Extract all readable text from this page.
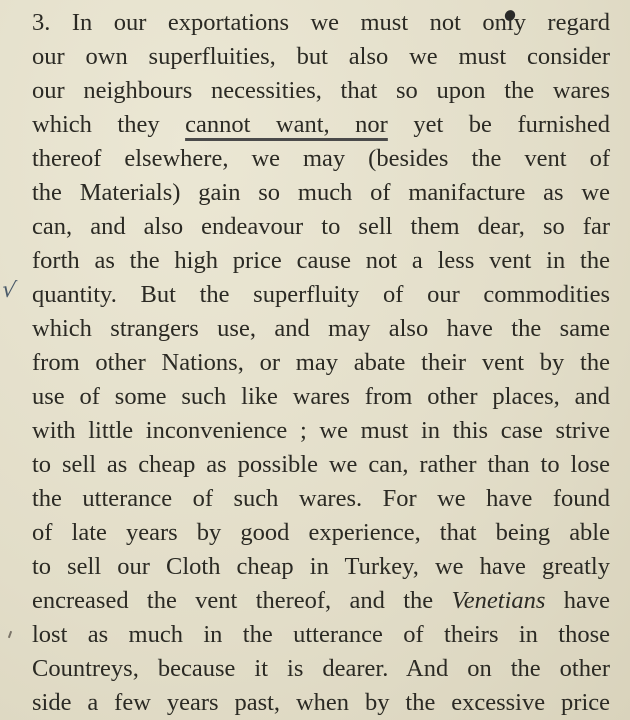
√
3. In our exportations we must not only regard
our own superfluities, but also we must consider
our neighbours necessities, that so upon the wares
which they cannot want, nor yet be furnished
thereof elsewhere, we may (besides the vent of
the Materials) gain so much of manifacture as we
can, and also endeavour to sell them dear, so far
forth as the high price cause not a less vent in the
quantity. But the superfluity of our commodities
which strangers use, and may also have the same
from other Nations, or may abate their vent by the
use of some such like wares from other places, and
with little inconvenience ; we must in this case strive
to sell as cheap as possible we can, rather than to lose
the utterance of such wares. For we have found
of late years by good experience, that being able
to sell our Cloth cheap in Turkey, we have greatly
encreased the vent thereof, and the Venetians have
lost as much in the utterance of theirs in those
Countreys, because it is dearer. And on the other
side a few years past, when by the excessive price
